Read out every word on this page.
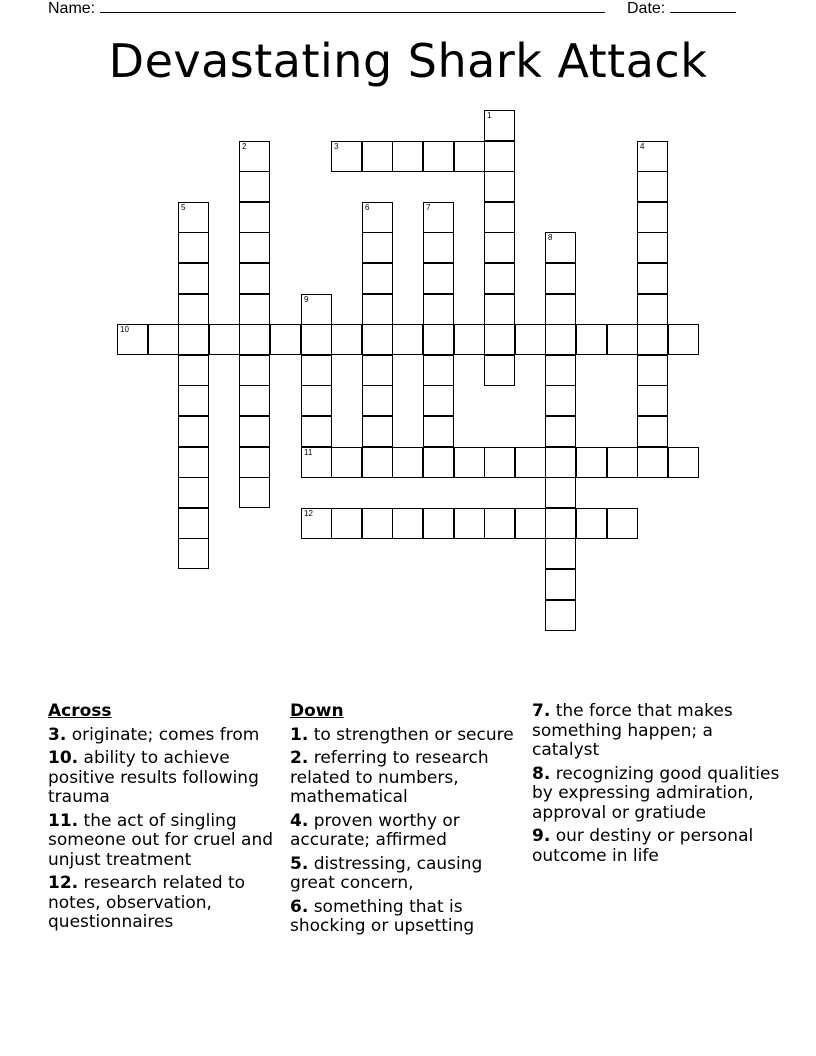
Name:	Date:
Devastating Shark Attack
1
2	3	4
5	6	7
8
9
10
11
12
Across
3. originate; comes from
10. ability to achieve positive results following trauma
11. the act of singling someone out for cruel and unjust treatment
12. research related to notes, observation, questionnaires
Down
1. to strengthen or secure
2. referring to research related to numbers, mathematical
4. proven worthy or accurate; affirmed
5. distressing, causing great concern,
6. something that is shocking or upsetting
7. the force that makes something happen; a catalyst
8. recognizing good qualities by expressing admiration, approval or gratiude
9. our destiny or personal outcome in life
